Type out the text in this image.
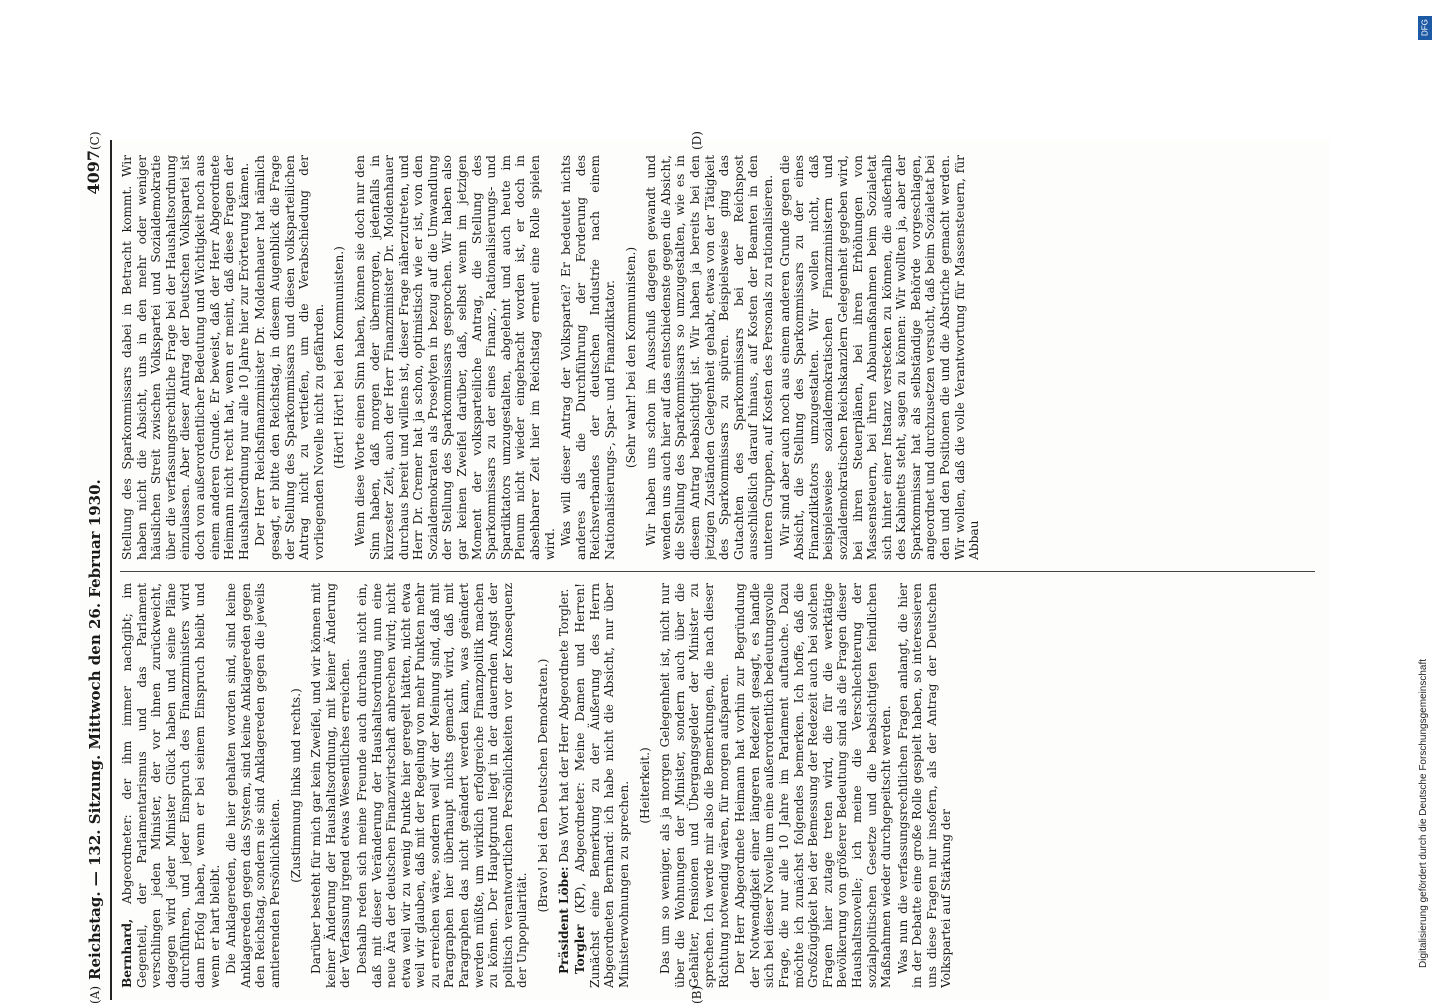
Reichstag. — 132. Sitzung. Mittwoch den 26. Februar 1930.
4097
(A)	(B)
(C)	(D)

Bernhard, Abgeordneter: der ihm immer nachgibt; im Gegenteil, der Parlamentarismus und das Parlament verschlingen jeden Minister, der vor ihnen zurückweicht, dagegen wird jeder Minister Glück haben und seine Pläne durchführen, und jeder Einspruch des Finanzministers wird dann Erfolg haben, wenn er bei seinem Einspruch bleibt und wenn er hart bleibt. Die Anklagereden, die hier gehalten worden sind, sind keine Anklagereden gegen das System, sind keine Anklagereden gegen den Reichstag, sondern sie sind Anklagereden gegen die jeweils amtierenden Persönlichkeiten.

(Zustimmung links und rechts.) Darüber besteht für mich gar kein Zweifel, und wir können mit keiner Änderung der Haushaltsordnung, mit keiner Änderung der Verfassung irgend etwas Wesentliches erreichen. Deshalb reden sich meine Freunde auch durchaus nicht ein, daß mit dieser Veränderung der Haushaltsordnung nun eine neue Ära der deutschen Finanzwirtschaft anbrechen wird; nicht etwa weil wir zu wenig Punkte hier geregelt hätten, nicht etwa weil wir glauben, daß mit der Regelung von mehr Punkten mehr zu erreichen wäre, sondern weil wir der Meinung sind, daß mit Paragraphen hier überhaupt nichts gemacht wird, daß mit Paragraphen das nicht geändert werden kann, was geändert werden müßte, um wirklich erfolgreiche Finanzpolitik machen zu können. Der Hauptgrund liegt in der dauernden Angst der politisch verantwortlichen Persönlichkeiten vor der Konsequenz der Unpopularität.

(Bravo! bei den Deutschen Demokraten.)

Präsident Löbe: Das Wort hat der Herr Abgeordnete Torgler.

Torgler (KP), Abgeordneter: Meine Damen und Herren! Zunächst eine Bemerkung zu der Äußerung des Herrn Abgeordneten Bernhard: ich habe nicht die Absicht, nur über Ministerwohnungen zu sprechen. (Heiterkeit.) Das um so weniger, als ja morgen Gelegenheit ist, nicht nur über die Wohnungen der Minister, sondern auch über die Gehälter, Pensionen und Übergangsgelder der Minister zu sprechen. Ich werde mir also die Bemerkungen, die nach dieser Richtung notwendig wären, für morgen aufsparen. Der Herr Abgeordnete Heimann hat vorhin zur Begründung der Notwendigkeit einer längeren Redezeit gesagt, es handle sich bei dieser Novelle um eine außerordentlich bedeutungsvolle Frage, die nur alle 10 Jahre im Parlament auftauche. Dazu möchte ich zunächst folgendes bemerken. Ich hoffe, daß die Großzügigkeit bei der Bemessung der Redezeit auch bei solchen Fragen hier zutage treten wird, die für die werktätige Bevölkerung von größerer Bedeutung sind als die Fragen dieser Haushaltsnovelle; ich meine die Verschlechterung der sozialpolitischen Gesetze und die beabsichtigten feindlichen Maßnahmen wieder durchgepeitscht werden. Was nun die verfassungsrechtlichen Fragen anlangt, die hier in der Debatte eine große Rolle gespielt haben, so interessieren uns diese Fragen nur insofern, als der Antrag der Deutschen Volkspartei auf Stärkung der

Stellung des Sparkommissars dabei in Betracht kommt. Wir haben nicht die Absicht, uns in den mehr oder weniger häuslichen Streit zwischen Volkspartei und Sozialdemokratie über die verfassungsrechtliche Frage bei der Haushaltsordnung einzulassen. Aber dieser Antrag der Deutschen Volkspartei ist doch von außerordentlicher Bedeutung und Wichtigkeit noch aus einem anderen Grunde. Er beweist, daß der Herr Abgeordnete Heimann nicht recht hat, wenn er meint, daß diese Fragen der Haushaltsordnung nur alle 10 Jahre hier zur Erörterung kämen. Der Herr Reichsfinanzminister Dr. Moldenhauer hat nämlich gesagt, er bitte den Reichstag, in diesem Augenblick die Frage der Stellung des Sparkommissars und diesen volksparteilichen Antrag nicht zu vertiefen, um die Verabschiedung der vorliegenden Novelle nicht zu gefährden. (Hört! Hört! bei den Kommunisten.) Wenn diese Worte einen Sinn haben, können sie doch nur den Sinn haben, daß morgen oder übermorgen, jedenfalls in kürzester Zeit, auch der Herr Finanzminister Dr. Moldenhauer durchaus bereit und willens ist, dieser Frage näherzutreten, und Herr Dr. Cremer hat ja schon, optimistisch wie er ist, von den Sozialdemokraten als Proselyten in bezug auf die Umwandlung der Stellung des Sparkommissars gesprochen. Wir haben also gar keinen Zweifel darüber, daß, selbst wenn im jetzigen Moment der volksparteiliche Antrag, die Stellung des Sparkommissars zu der eines Finanz-, Rationalisierungs- und Spardiktators umzugestalten, abgelehnt und auch heute im Plenum nicht wieder eingebracht worden ist, er doch in absehbarer Zeit hier im Reichstag erneut eine Rolle spielen wird. Was will dieser Antrag der Volkspartei? Er bedeutet nichts anderes als die Durchführung der Forderung des Reichsverbandes der deutschen Industrie nach einem Nationalisierungs-, Spar- und Finanzdiktator. (Sehr wahr! bei den Kommunisten.) Wir haben uns schon im Ausschuß dagegen gewandt und wenden uns auch hier auf das entschiedenste gegen die Absicht, die Stellung des Sparkommissars so umzugestalten, wie es in diesem Antrag beabsichtigt ist. Wir haben ja bereits bei den jetzigen Zuständen Gelegenheit gehabt, etwas von der Tätigkeit des Sparkommissars zu spüren. Beispielsweise ging das Gutachten des Sparkommissars bei der Reichspost ausschließlich darauf hinaus, auf Kosten der Beamten in den unteren Gruppen, auf Kosten des Personals zu rationalisieren. Wir sind aber auch noch aus einem anderen Grunde gegen die Absicht, die Stellung des Sparkommissars zu der eines Finanzdiktators umzugestalten. Wir wollen nicht, daß beispielsweise sozialdemokratischen Finanzministern und sozialdemokratischen Reichskanzlern Gelegenheit gegeben wird, bei ihren Steuerplänen, bei ihren Erhöhungen von Massensteuern, bei ihren Abbaumaßnahmen beim Sozialetat sich hinter einer Instanz verstecken zu können, die außerhalb des Kabinetts steht, sagen zu können: Wir wollten ja, aber der Sparkommissar hat als selbständige Behörde vorgeschlagen, angeordnet und durchzusetzen versucht, daß beim Sozialetat bei den und den Positionen die und die Abstriche gemacht werden. Wir wollen, daß die volle Verantwortung für Massensteuern, für Abbau

DFG
Digitalisierung gefördert durch die Deutsche Forschungsgemeinschaft
